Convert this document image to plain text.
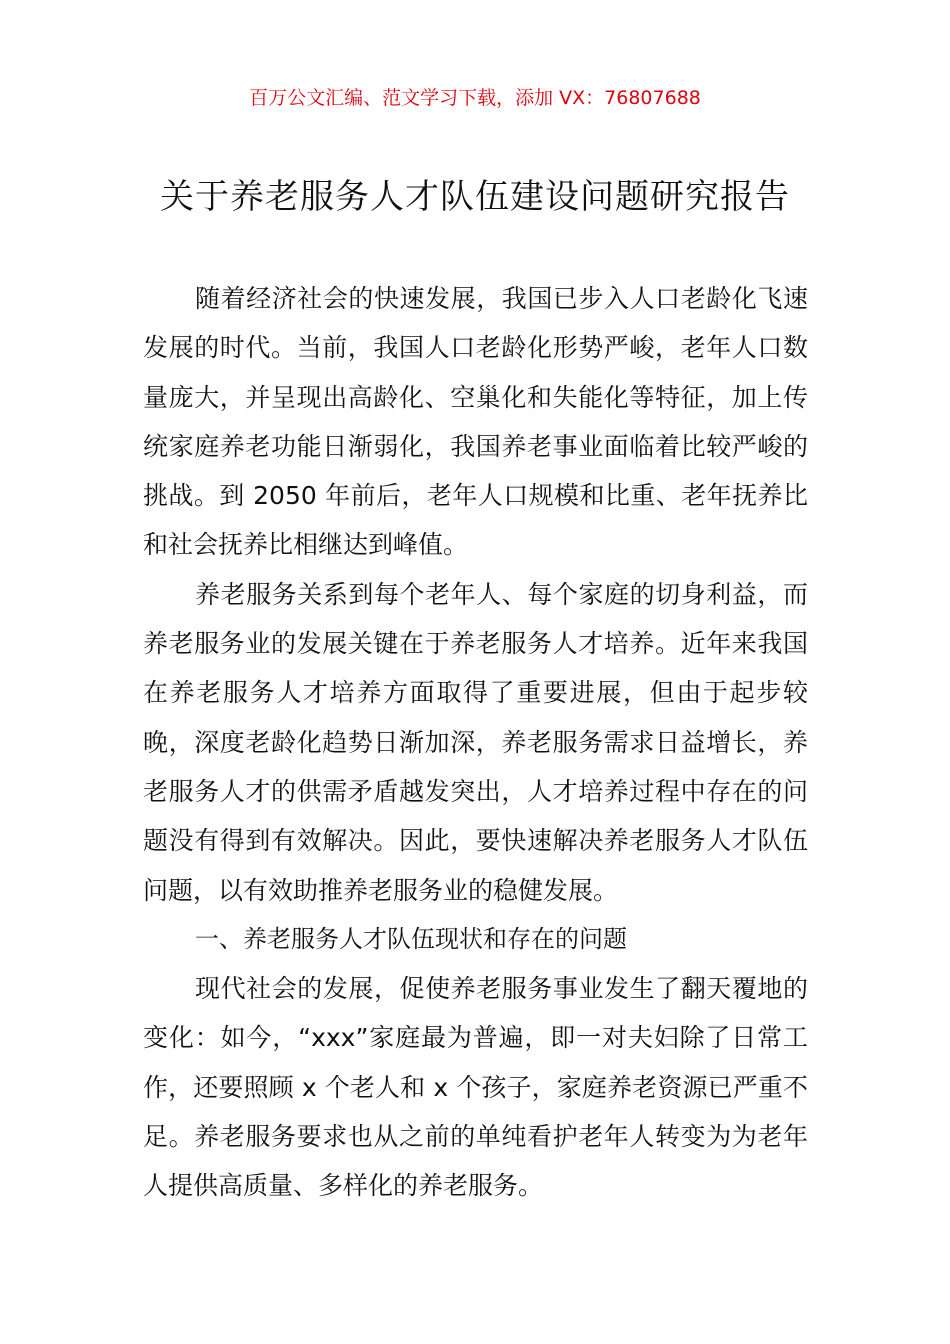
百万公文汇编、范文学习下载，添加 VX：76807688
关于养老服务人才队伍建设问题研究报告

随着经济社会的快速发展，我国已步入人口老龄化飞速发展的时代。当前，我国人口老龄化形势严峻，老年人口数量庞大，并呈现出高龄化、空巢化和失能化等特征，加上传统家庭养老功能日渐弱化，我国养老事业面临着比较严峻的挑战。到 2050 年前后，老年人口规模和比重、老年抚养比和社会抚养比相继达到峰值。

养老服务关系到每个老年人、每个家庭的切身利益，而养老服务业的发展关键在于养老服务人才培养。近年来我国在养老服务人才培养方面取得了重要进展，但由于起步较晚，深度老龄化趋势日渐加深，养老服务需求日益增长，养老服务人才的供需矛盾越发突出，人才培养过程中存在的问题没有得到有效解决。因此，要快速解决养老服务人才队伍问题，以有效助推养老服务业的稳健发展。

一、养老服务人才队伍现状和存在的问题

现代社会的发展，促使养老服务事业发生了翻天覆地的变化：如今，“xxx”家庭最为普遍，即一对夫妇除了日常工作，还要照顾 x 个老人和 x 个孩子，家庭养老资源已严重不足。养老服务要求也从之前的单纯看护老年人转变为为老年人提供高质量、多样化的养老服务。
